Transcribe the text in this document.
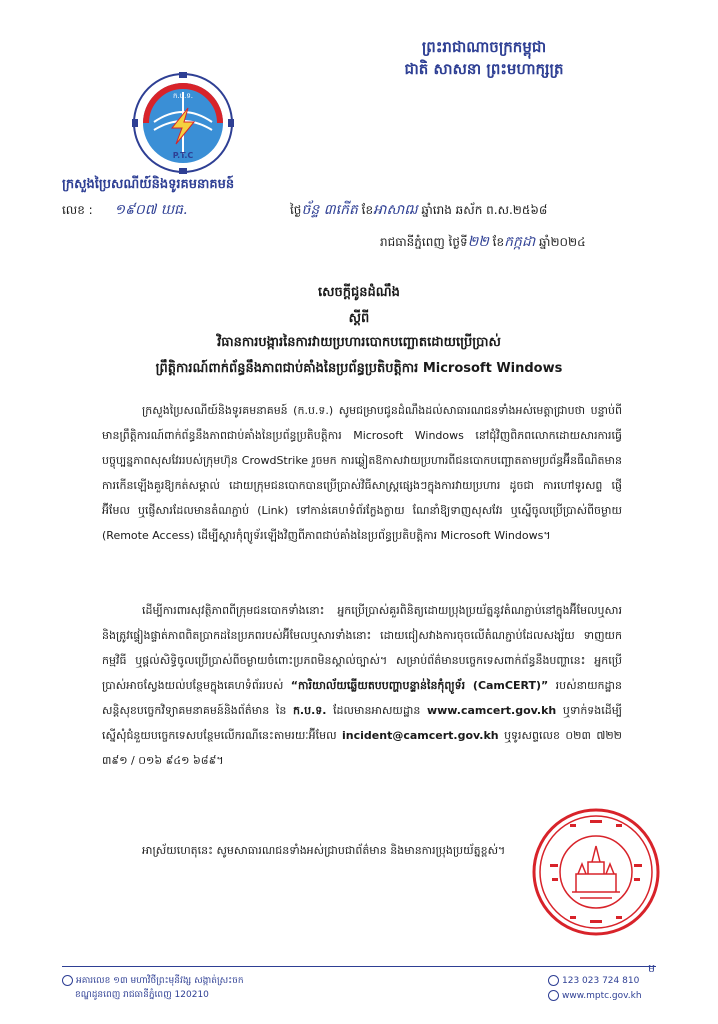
ព្រះរាជាណាចក្រកម្ពុជា
ជាតិ សាសនា ព្រះមហាក្សត្រ
ក.ប.ទ.
P.T.C
ក្រសួងប្រៃសណីយ៍និងទូរគមនាគមន៍
លេខ : ១៩០៧ ឃធ.	ថ្ងៃច័ន្ទ ៣កើត ខែអាសាឍ ឆ្នាំរោង ឆស័ក ព.ស.២៥៦៨
រាជធានីភ្នំពេញ ថ្ងៃទី២២ ខែកក្កដា ឆ្នាំ២០២៤
សេចក្តីជូនដំណឹង
ស្តីពី
វិធានការបង្ការនៃការវាយប្រហារបោកបញ្ឆោតដោយប្រើប្រាស់
ព្រឹត្តិការណ៍ពាក់ព័ន្ធនឹងភាពជាប់គាំងនៃប្រព័ន្ធប្រតិបត្តិការ Microsoft Windows
ក្រសួងប្រៃសណីយ៍និងទូរគមនាគមន៍ (ក.ប.ទ.) សូមជម្រាបជូនដំណឹងដល់សាធារណជនទាំងអស់មេត្តាជ្រាបថា បន្ទាប់ពីមានព្រឹត្តិការណ៍ពាក់ព័ន្ធនឹងភាពជាប់គាំងនៃប្រព័ន្ធប្រតិបត្តិការ Microsoft Windows នៅជុំវិញពិភពលោកដោយសារការធ្វើបច្ចុប្បន្នភាពសុសវែររបស់ក្រុមហ៊ុន CrowdStrike រួចមក ការឆ្លៀតឱកាសវាយប្រហារពីជនបោកបញ្ឆោតតាមប្រព័ន្ធអ៊ីនធឺណិតមានការកើនឡើងគួរឱ្យកត់សម្គាល់ ដោយក្រុមជនបោកបានប្រើប្រាស់វិធីសាស្រ្តផ្សេងៗក្នុងការវាយប្រហារ ដូចជា ការហៅទូរសព្ទ ផ្ញើអ៊ីមែល ឬផ្ញើសារដែលមានតំណភ្ជាប់ (Link) ទៅកាន់គេហទំព័រក្លែងក្លាយ ណែនាំឱ្យទាញសុសវែរ ឬស្នើចូលប្រើប្រាស់ពីចម្ងាយ (Remote Access) ដើម្បីស្តារកុំព្យូទ័រឡើងវិញពីភាពជាប់គាំងនៃប្រព័ន្ធប្រតិបត្តិការ Microsoft Windows។
ដើម្បីការពារសុវត្ថិភាពពីក្រុមជនបោកទាំងនោះ អ្នកប្រើប្រាស់គួរពិនិត្យដោយប្រុងប្រយ័ត្ននូវតំណភ្ជាប់នៅក្នុងអ៊ីមែលឬសារ និងត្រូវផ្ទៀងផ្ទាត់ភាពពិតប្រាកដនៃប្រភពរបស់អ៊ីមែលឬសារទាំងនោះ ដោយជៀសវាងការចុចលើតំណភ្ជាប់ដែលសង្ស័យ ទាញយកកម្មវិធី ឬផ្តល់សិទ្ធិចូលប្រើប្រាស់ពីចម្ងាយចំពោះប្រភពមិនស្គាល់ច្បាស់។ សម្រាប់ព័ត៌មានបច្ចេកទេសពាក់ព័ន្ធនឹងបញ្ហានេះ អ្នកប្រើប្រាស់អាចស្វែងយល់បន្ថែមក្នុងគេហទំព័ររបស់ “ការិយាល័យឆ្លើយតបបញ្ហាបន្ទាន់នៃកុំព្យូទ័រ (CamCERT)” របស់នាយកដ្ឋានសន្តិសុខបច្ចេកវិទ្យាគមនាគមន៍និងព័ត៌មាន នៃ ក.ប.ទ. ដែលមានអាសយដ្ឋាន www.camcert.gov.kh ឬទាក់ទងដើម្បីស្នើសុំជំនួយបច្ចេកទេសបន្ថែមលើករណីនេះតាមរយៈអ៊ីមែល incident@camcert.gov.kh ឬទូរសព្ទលេខ ០២៣ ៧២២ ៣៩១ / ០១៦ ៩៤១ ៦៨៩។
អាស្រ័យហេតុនេះ សូមសាធារណជនទាំងអស់ជ្រាបជាព័ត៌មាន និងមានការប្រុងប្រយ័ត្នខ្ពស់។
ម
អគារលេខ ១៣ មហាវិថីព្រះមុនីវង្ស សង្កាត់ស្រះចក
ខណ្ឌដូនពេញ រាជធានីភ្នំពេញ 120210
123 023 724 810
www.mptc.gov.kh
